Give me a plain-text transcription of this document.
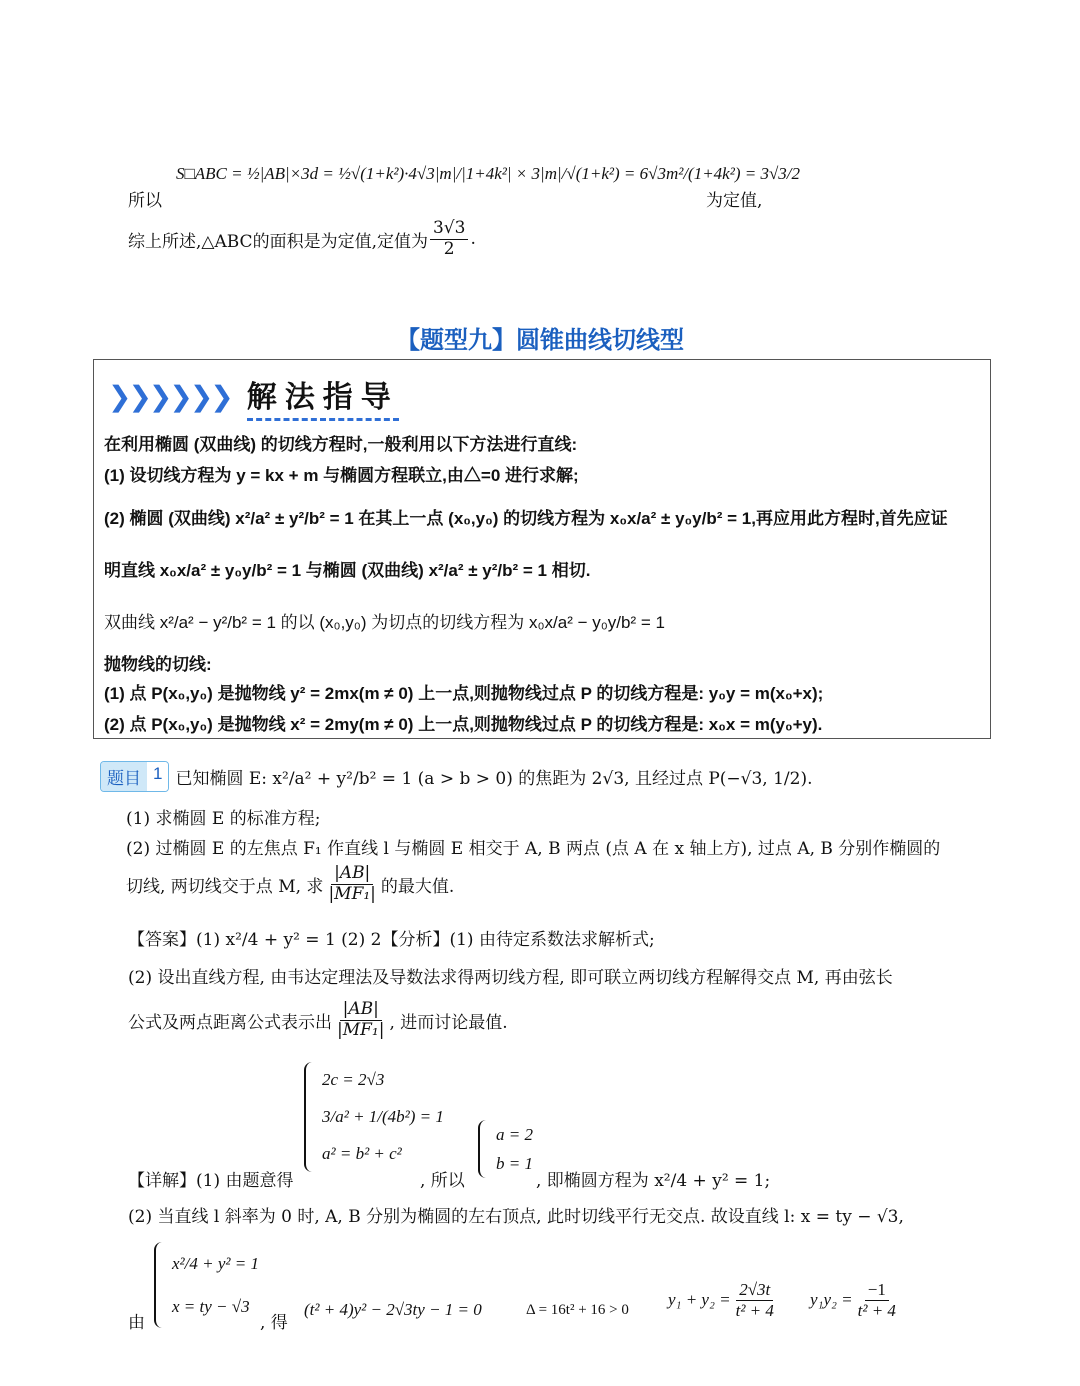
所以
S□ABC = ½|AB|×3d = ½√(1+k²)·4√3|m|/|1+4k²| × 3|m|/√(1+k²) = 6√3m²/(1+4k²) = 3√3/2
为定值,
综上所述,△ABC的面积是为定值,定值为 $\frac{3√3}{2}$ .
【题型九】圆锥曲线切线型
❯❯❯❯❯❯ 解法指导
在利用椭圆 (双曲线) 的切线方程时,一般利用以下方法进行直线:
(1) 设切线方程为 y = kx + m 与椭圆方程联立,由△=0 进行求解;
(2) 椭圆 (双曲线) x²/a² ± y²/b² = 1 在其上一点 (x₀,y₀) 的切线方程为 x₀x/a² ± y₀y/b² = 1,再应用此方程时,首先应证
明直线 x₀x/a² ± y₀y/b² = 1 与椭圆 (双曲线) x²/a² ± y²/b² = 1 相切.
双曲线 x²/a² − y²/b² = 1 的以 (x₀,y₀) 为切点的切线方程为 x₀x/a² − y₀y/b² = 1
抛物线的切线:
(1) 点 P(x₀,y₀) 是抛物线 y² = 2mx(m ≠ 0) 上一点,则抛物线过点 P 的切线方程是: y₀y = m(x₀+x);
(2) 点 P(x₀,y₀) 是抛物线 x² = 2my(m ≠ 0) 上一点,则抛物线过点 P 的切线方程是: x₀x = m(y₀+y).
题目 1 已知椭圆 E: x²/a² + y²/b² = 1 (a > b > 0) 的焦距为 2√3, 且经过点 P(−√3, 1/2).
(1) 求椭圆 E 的标准方程;
(2) 过椭圆 E 的左焦点 F₁ 作直线 l 与椭圆 E 相交于 A, B 两点 (点 A 在 x 轴上方), 过点 A, B 分别作椭圆的
切线, 两切线交于点 M, 求 $\frac{|AB|}{\text{|MF₁|}}$ 的最大值.
【答案】(1) x²/4 + y² = 1 (2) 2【分析】(1) 由待定系数法求解析式;
(2) 设出直线方程, 由韦达定理法及导数法求得两切线方程, 即可联立两切线方程解得交点 M, 再由弦长
公式及两点距离公式表示出 $\frac{|AB|}{\text{|MF₁|}}$ , 进而讨论最值.
【详解】(1) 由题意得
2c = 2√3
3/a² + 1/(4b²) = 1
a² = b² + c²
, 所以
a = 2
b = 1
, 即椭圆方程为 x²/4 + y² = 1;
(2) 当直线 l 斜率为 0 时, A, B 分别为椭圆的左右顶点, 此时切线平行无交点. 故设直线 l: x = ty − √3,
由
x²/4 + y² = 1
x = ty − √3
, 得
(t² + 4)y² − 2√3ty − 1 = 0	Δ = 16t² + 16 > 0
$y_1 + y_2 = \frac{2√3t}{\text{t² + 4}} y_1y_2 = \frac{-1}{\text{t² + 4}}$
